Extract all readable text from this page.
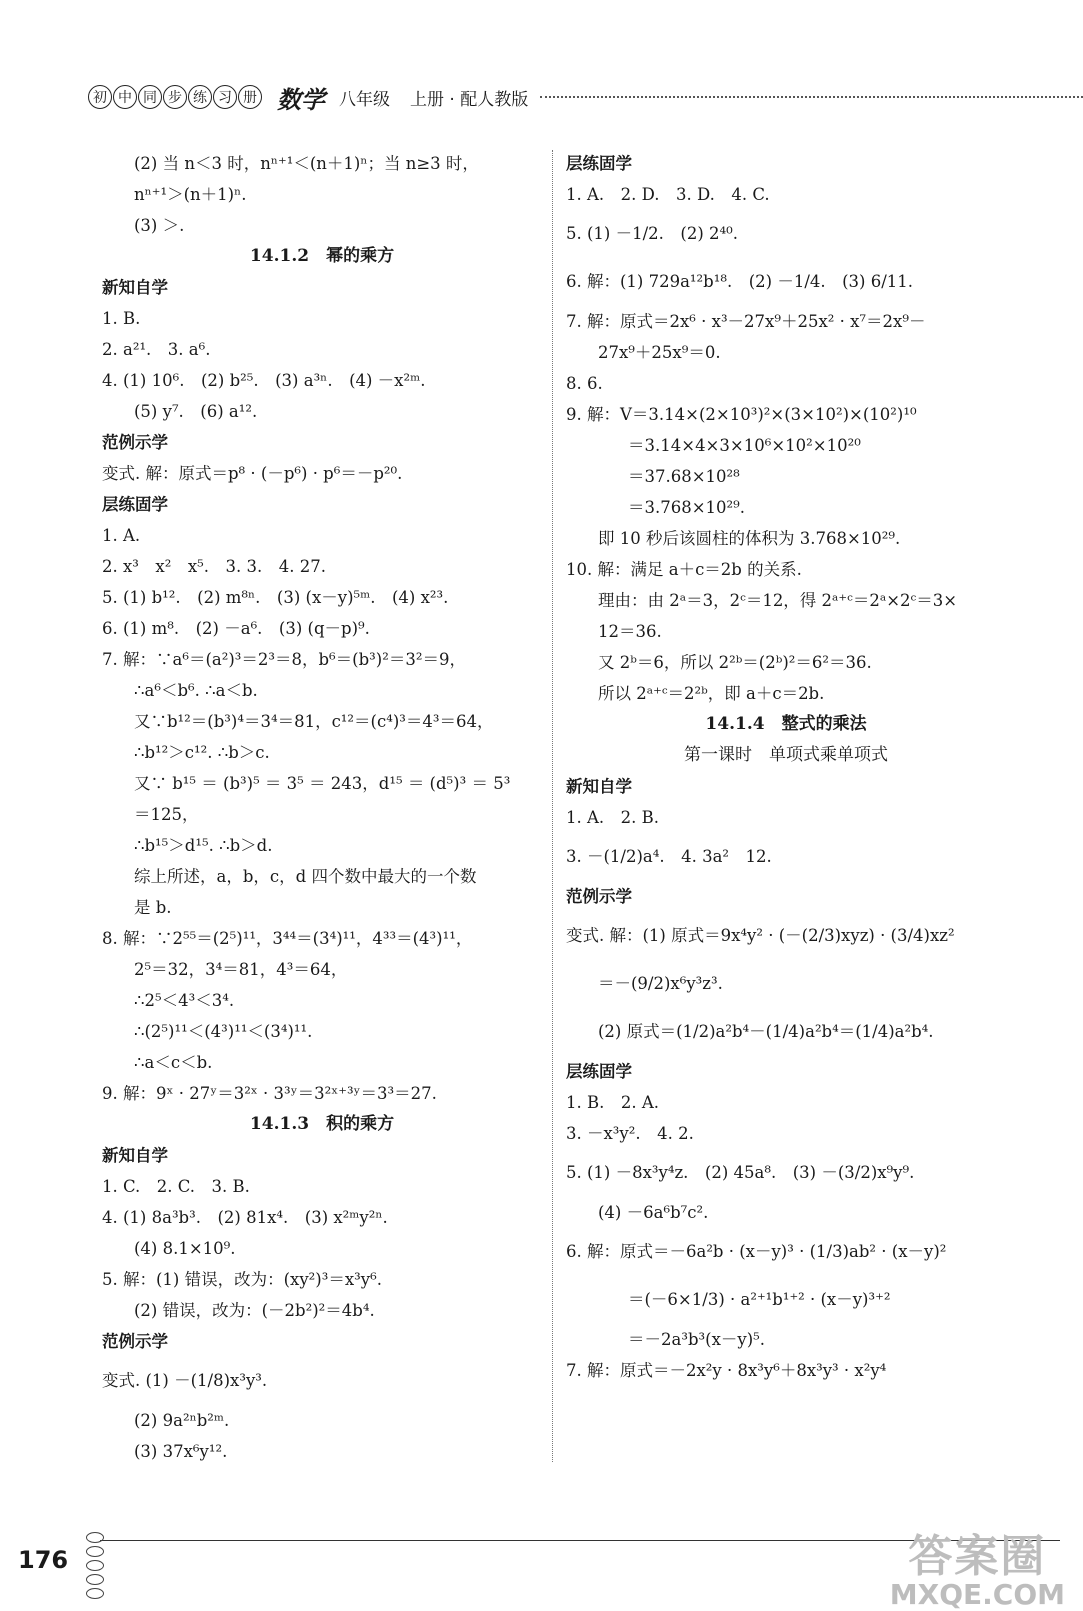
初 中 同 步 练 习 册 数学 八年级 上册 · 配人教版
(2) 当 n＜3 时，nⁿ⁺¹＜(n＋1)ⁿ；当 n≥3 时，
nⁿ⁺¹＞(n＋1)ⁿ.
(3) ＞.
14.1.2　幂的乘方
新知自学
1. B.
2. a²¹.　3. a⁶.
4. (1) 10⁶.　(2) b²⁵.　(3) a³ⁿ.　(4) －x²ᵐ.
(5) y⁷.　(6) a¹².
范例示学
变式. 解：原式＝p⁸ · (－p⁶) · p⁶＝－p²⁰.
层练固学
1. A.
2. x³　x²　x⁵.　3. 3.　4. 27.
5. (1) b¹².　(2) m⁸ⁿ.　(3) (x－y)⁵ᵐ.　(4) x²³.
6. (1) m⁸.　(2) －a⁶.　(3) (q－p)⁹.
7. 解：∵a⁶＝(a²)³＝2³＝8，b⁶＝(b³)²＝3²＝9，
∴a⁶＜b⁶. ∴a＜b.
又∵b¹²＝(b³)⁴＝3⁴＝81，c¹²＝(c⁴)³＝4³＝64，
∴b¹²＞c¹². ∴b＞c.
又∵ b¹⁵ ＝ (b³)⁵ ＝ 3⁵ ＝ 243，d¹⁵ ＝ (d⁵)³ ＝ 5³
＝125，
∴b¹⁵＞d¹⁵. ∴b＞d.
综上所述，a，b，c，d 四个数中最大的一个数
是 b.
8. 解：∵2⁵⁵＝(2⁵)¹¹，3⁴⁴＝(3⁴)¹¹，4³³＝(4³)¹¹，
2⁵＝32，3⁴＝81，4³＝64，
∴2⁵＜4³＜3⁴.
∴(2⁵)¹¹＜(4³)¹¹＜(3⁴)¹¹.
∴a＜c＜b.
9. 解：9ˣ · 27ʸ＝3²ˣ · 3³ʸ＝3²ˣ⁺³ʸ＝3³＝27.
14.1.3　积的乘方
新知自学
1. C.　2. C.　3. B.
4. (1) 8a³b³.　(2) 81x⁴.　(3) x²ᵐy²ⁿ.
(4) 8.1×10⁹.
5. 解：(1) 错误，改为：(xy²)³＝x³y⁶.
(2) 错误，改为：(－2b²)²＝4b⁴.
范例示学
变式. (1) －(1/8)x³y³.
(2) 9a²ⁿb²ᵐ.
(3) 37x⁶y¹².
层练固学
1. A.　2. D.　3. D.　4. C.
5. (1) －1/2.　(2) 2⁴⁰.
6. 解：(1) 729a¹²b¹⁸.　(2) －1/4.　(3) 6/11.
7. 解：原式＝2x⁶ · x³－27x⁹＋25x² · x⁷＝2x⁹－
27x⁹＋25x⁹＝0.
8. 6.
9. 解：V＝3.14×(2×10³)²×(3×10²)×(10²)¹⁰
＝3.14×4×3×10⁶×10²×10²⁰
＝37.68×10²⁸
＝3.768×10²⁹.
即 10 秒后该圆柱的体积为 3.768×10²⁹.
10. 解：满足 a＋c＝2b 的关系.
理由：由 2ᵃ＝3，2ᶜ＝12，得 2ᵃ⁺ᶜ＝2ᵃ×2ᶜ＝3×
12＝36.
又 2ᵇ＝6，所以 2²ᵇ＝(2ᵇ)²＝6²＝36.
所以 2ᵃ⁺ᶜ＝2²ᵇ，即 a＋c＝2b.
14.1.4　整式的乘法
第一课时　单项式乘单项式
新知自学
1. A.　2. B.
3. －(1/2)a⁴.　4. 3a²　12.
范例示学
变式. 解：(1) 原式＝9x⁴y² · (－(2/3)xyz) · (3/4)xz²
＝－(9/2)x⁶y³z³.
(2) 原式＝(1/2)a²b⁴－(1/4)a²b⁴＝(1/4)a²b⁴.
层练固学
1. B.　2. A.
3. －x³y².　4. 2.
5. (1) －8x³y⁴z.　(2) 45a⁸.　(3) －(3/2)x⁹y⁹.
(4) －6a⁶b⁷c².
6. 解：原式＝－6a²b · (x－y)³ · (1/3)ab² · (x－y)²
＝(－6×1/3) · a²⁺¹b¹⁺² · (x－y)³⁺²
＝－2a³b³(x－y)⁵.
7. 解：原式＝－2x²y · 8x³y⁶＋8x³y³ · x²y⁴
176	答案圈
MXQE.COM
